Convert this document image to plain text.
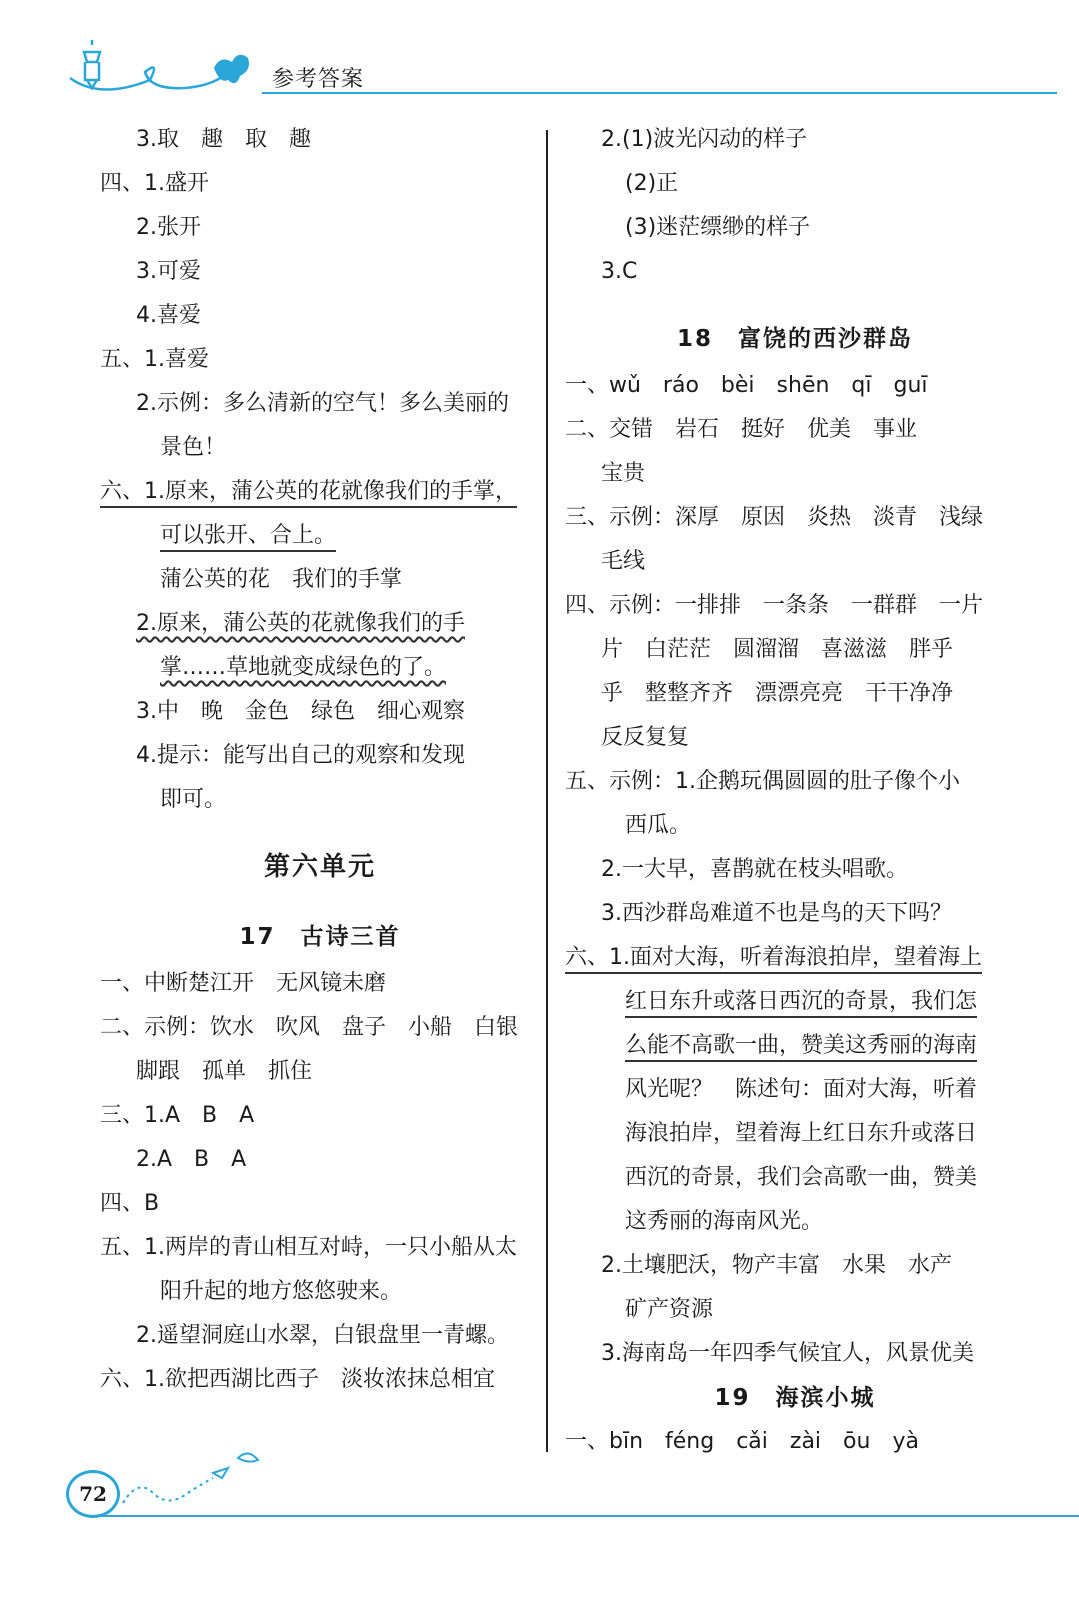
参考答案
3.取　趣　取　趣
四、1.盛开
2.张开
3.可爱
4.喜爱
五、1.喜爱
2.示例：多么清新的空气！多么美丽的
景色！
六、1.原来，蒲公英的花就像我们的手掌，
可以张开、合上。
蒲公英的花　我们的手掌
2.原来，蒲公英的花就像我们的手
掌……草地就变成绿色的了。
3.中　晚　金色　绿色　细心观察
4.提示：能写出自己的观察和发现
即可。
第六单元
17　古诗三首
一、中断楚江开　无风镜未磨
二、示例：饮水　吹风　盘子　小船　白银
脚跟　孤单　抓住
三、1.A　B　A
2.A　B　A
四、B
五、1.两岸的青山相互对峙，一只小船从太
阳升起的地方悠悠驶来。
2.遥望洞庭山水翠，白银盘里一青螺。
六、1.欲把西湖比西子　淡妆浓抹总相宜
2.(1)波光闪动的样子
(2)正
(3)迷茫缥缈的样子
3.C
18　富饶的西沙群岛
一、wǔ　ráo　bèi　shēn　qī　guī
二、交错　岩石　挺好　优美　事业
宝贵
三、示例：深厚　原因　炎热　淡青　浅绿
毛线
四、示例：一排排　一条条　一群群　一片
片　白茫茫　圆溜溜　喜滋滋　胖乎
乎　整整齐齐　漂漂亮亮　干干净净
反反复复
五、示例：1.企鹅玩偶圆圆的肚子像个小
西瓜。
2.一大早，喜鹊就在枝头唱歌。
3.西沙群岛难道不也是鸟的天下吗？
六、1.面对大海，听着海浪拍岸，望着海上
红日东升或落日西沉的奇景，我们怎
么能不高歌一曲，赞美这秀丽的海南
风光呢？　陈述句：面对大海，听着
海浪拍岸，望着海上红日东升或落日
西沉的奇景，我们会高歌一曲，赞美
这秀丽的海南风光。
2.土壤肥沃，物产丰富　水果　水产
矿产资源
3.海南岛一年四季气候宜人，风景优美
19　海滨小城
一、bīn　féng　cǎi　zài　ōu　yà
72
